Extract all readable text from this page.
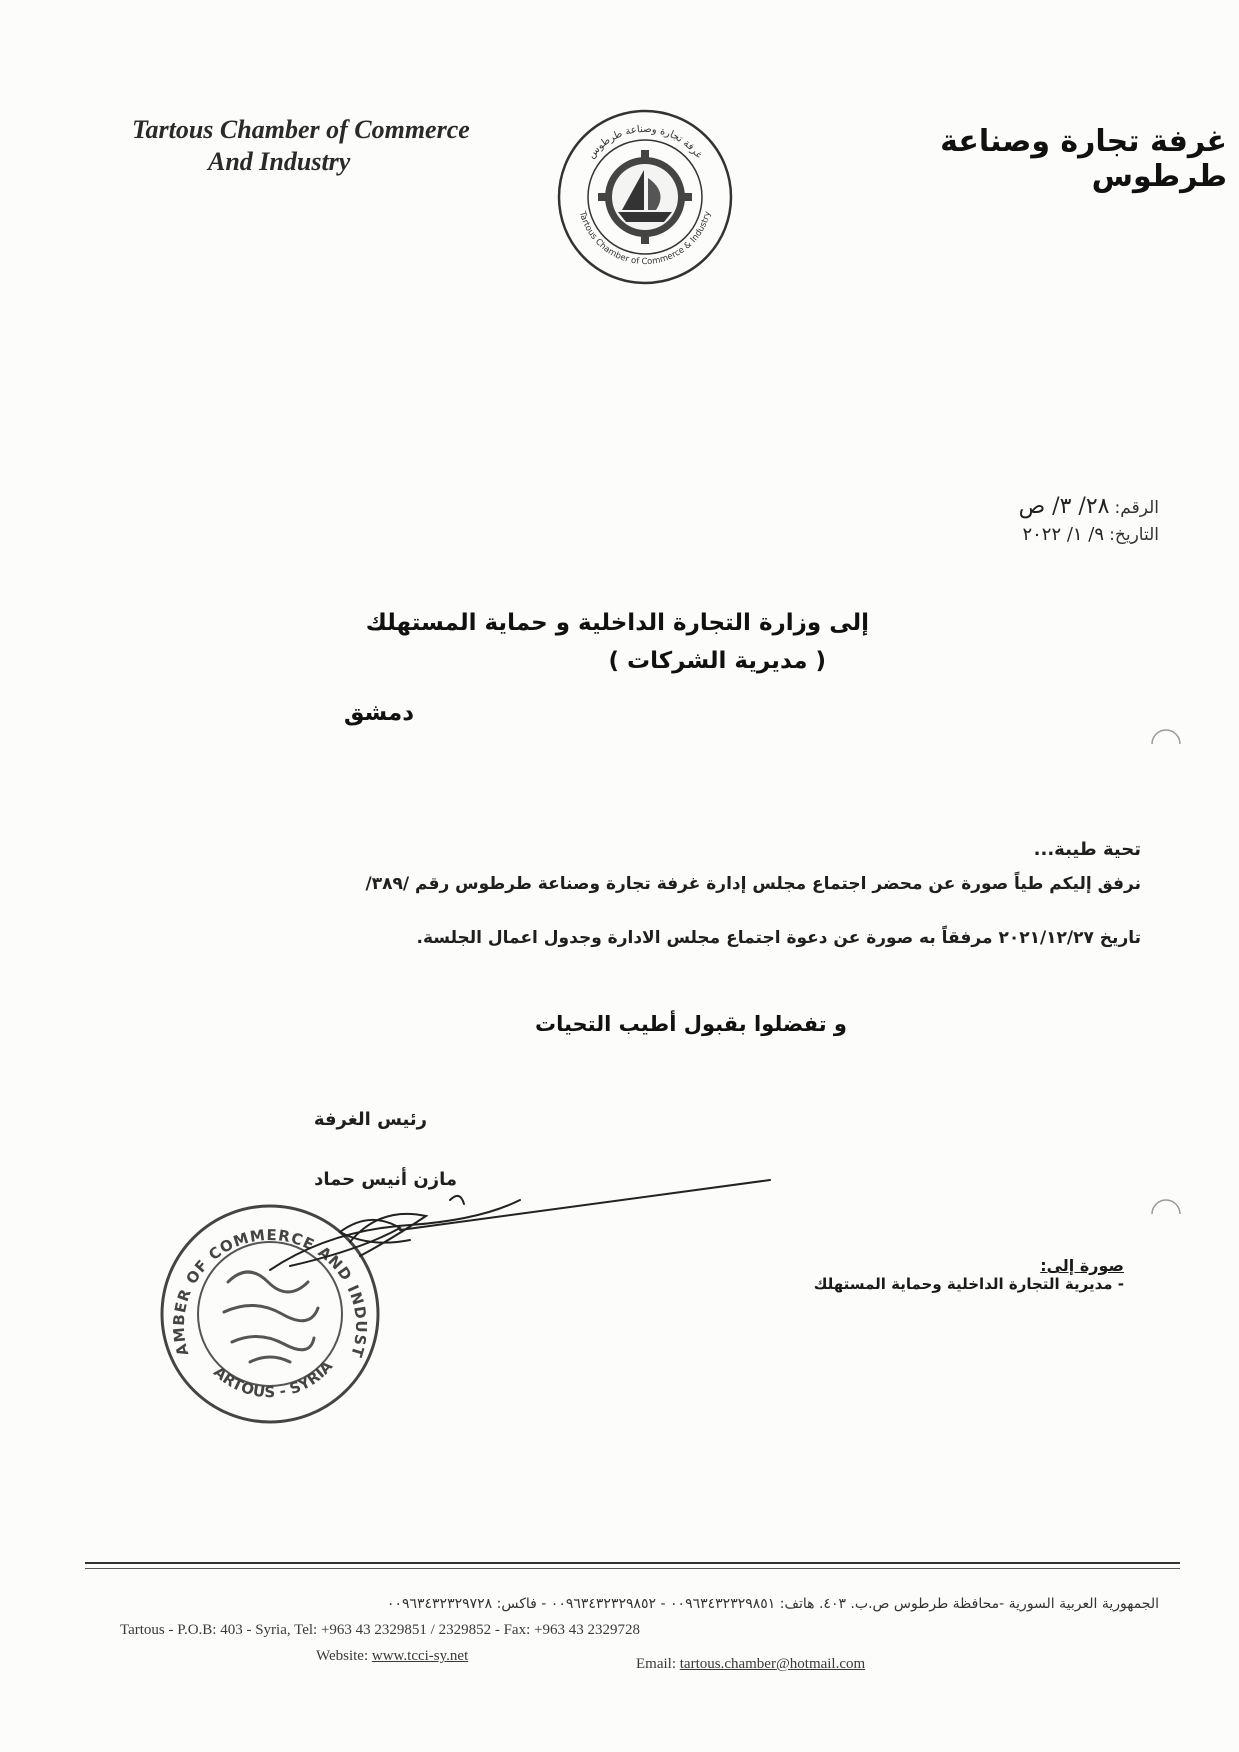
Tartous Chamber of Commerce
And Industry	غرفة تجارة وصناعة طرطوس
Tartous Chamber of Commerce & Industry
غرفة تجارة وصناعة طرطوس
الرقم: ٢٨/ ٣/ ص
التاريخ: ٩/ ١/ ٢٠٢٢
إلى وزارة التجارة الداخلية و حماية المستهلك
( مديرية الشركات )
دمشق
تحية طيبة...
نرفق إليكم طياً صورة عن محضر اجتماع مجلس إدارة غرفة تجارة وصناعة طرطوس رقم /٣٨٩/
تاريخ ٢٠٢١/١٢/٢٧ مرفقاً به صورة عن دعوة اجتماع مجلس الادارة وجدول اعمال الجلسة.
و تفضلوا بقبول أطيب التحيات
رئيس الغرفة
مازن أنيس حماد
AMBER OF COMMERCE AND INDUST
ARTOUS - SYRIA
صورة إلى:
- مديرية التجارة الداخلية وحماية المستهلك
الجمهورية العربية السورية -محافظة طرطوس ص.ب. ٤٠٣. هاتف: ٠٠٩٦٣٤٣٢٣٢٩٨٥١ - ٠٠٩٦٣٤٣٢٣٢٩٨٥٢ - فاكس: ٠٠٩٦٣٤٣٢٣٢٩٧٢٨
Tartous - P.O.B: 403 - Syria, Tel: +963 43 2329851 / 2329852 - Fax: +963 43 2329728
Website: www.tcci-sy.net	Email: tartous.chamber@hotmail.com
